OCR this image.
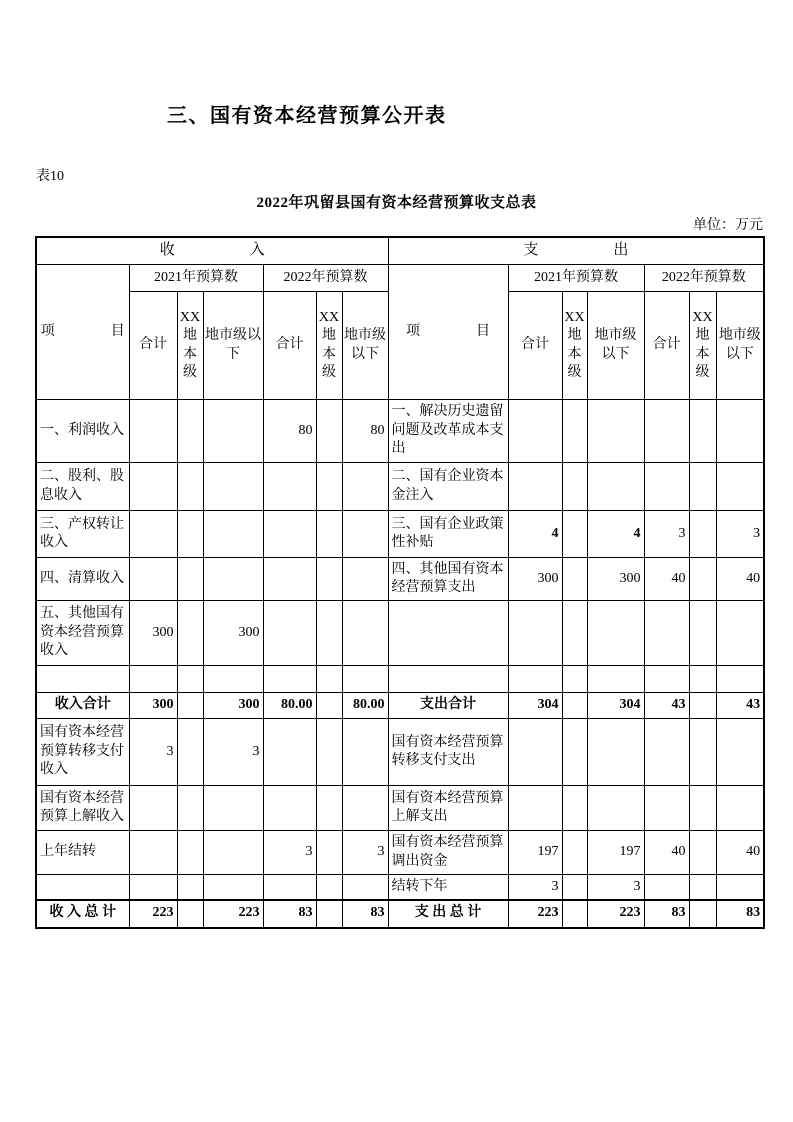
三、国有资本经营预算公开表
表10
2022年巩留县国有资本经营预算收支总表
单位：万元
收　　　　　入							支　　　　　出						
项　　　　目	2021年预算数			2022年预算数			项　　　　目	2021年预算数			2022年预算数		
	合计	XX地本级	地市级以下	合计	XX地本级	地市级以下		合计	XX地本级	地市级以下	合计	XX地本级	地市级以下
一、利润收入				80		80	一、解决历史遗留问题及改革成本支出						
二、股利、股息收入							二、国有企业资本金注入						
三、产权转让收入							三、国有企业政策性补贴	4		4	3		3
四、清算收入							四、其他国有资本经营预算支出	300		300	40		40
五、其他国有资本经营预算收入	300		300										

收入合计	300		300	80.00		80.00	支出合计	304		304	43		43
国有资本经营预算转移支付收入	3		3				国有资本经营预算转移支付支出						
国有资本经营预算上解收入							国有资本经营预算上解支出						
上年结转				3		3	国有资本经营预算调出资金	197		197	40		40
							结转下年	3		3			
收 入 总 计	223		223	83		83	支 出 总 计	223		223	83		83
